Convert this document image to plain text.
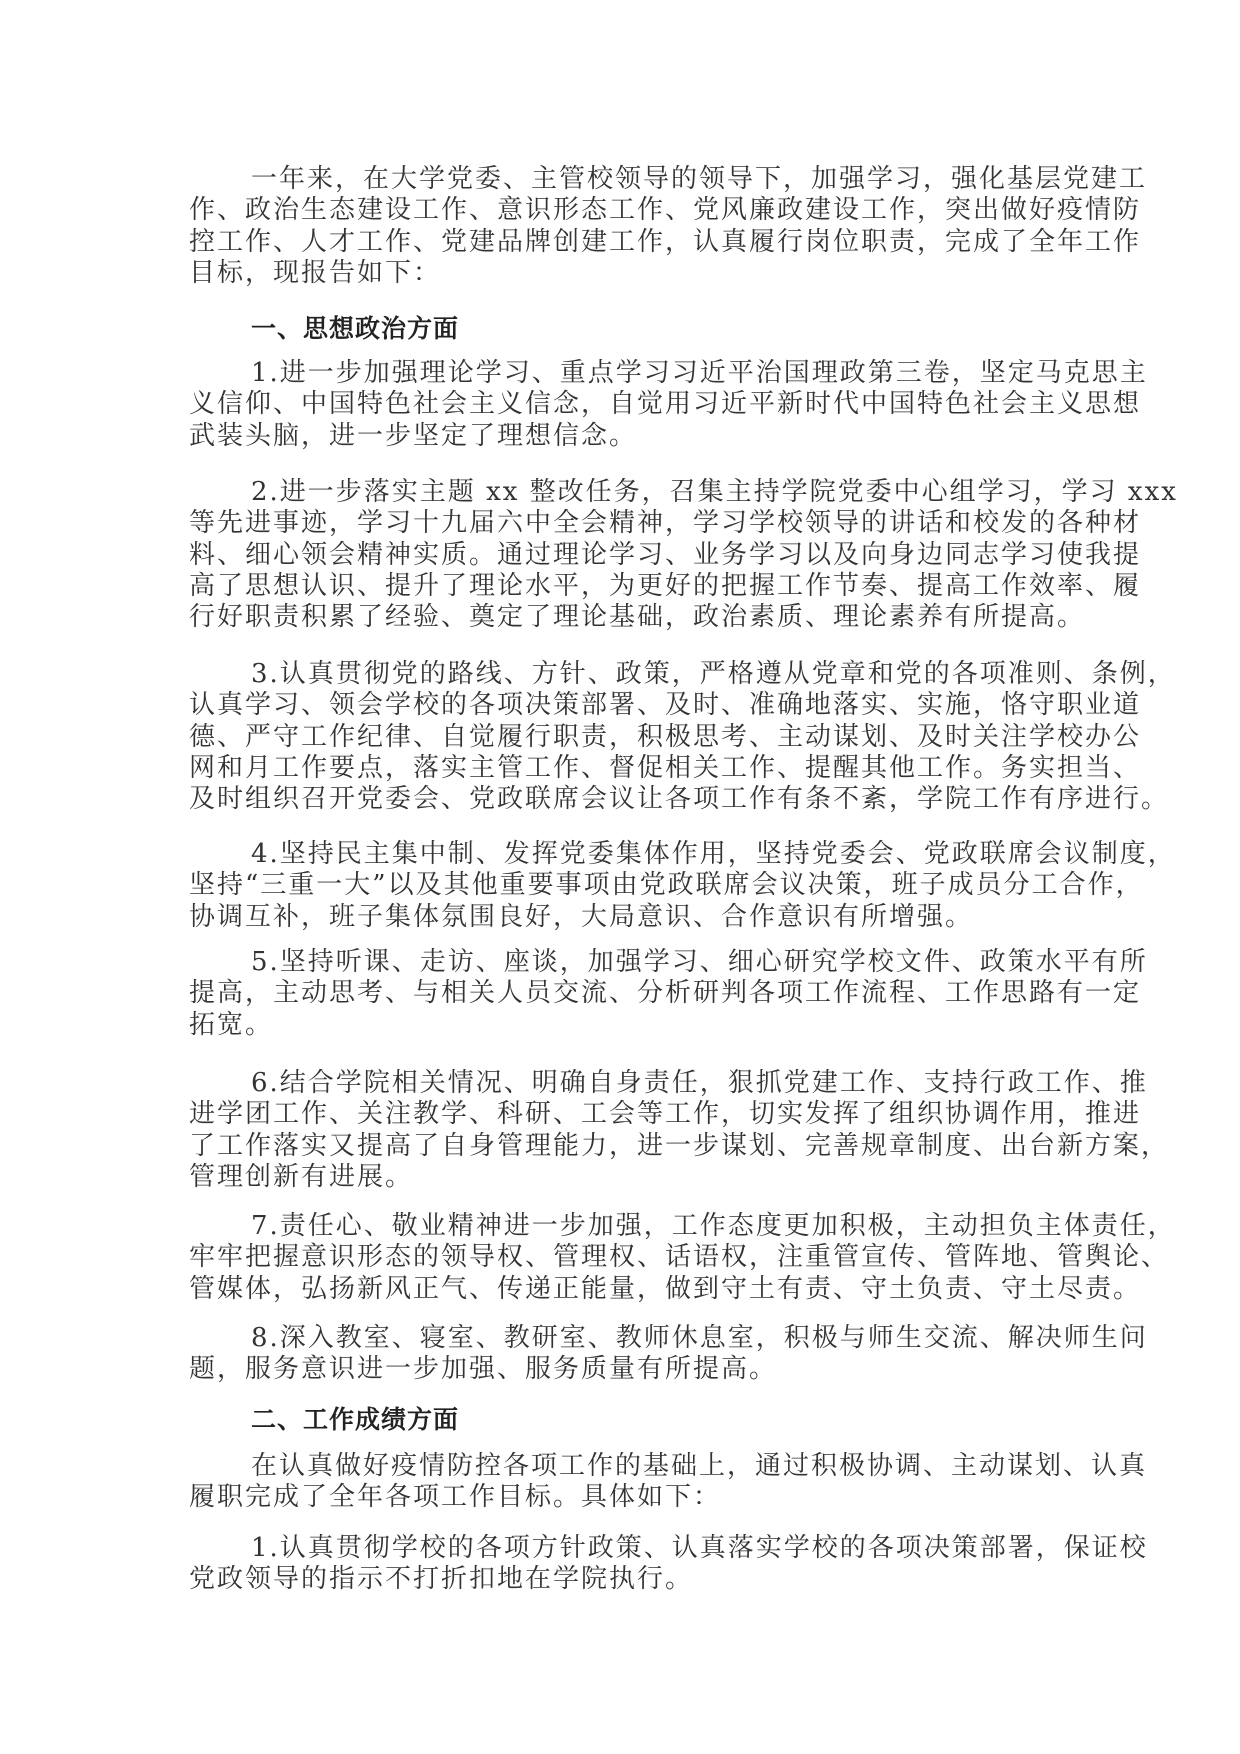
一年来，在大学党委、主管校领导的领导下，加强学习，强化基层党建工
作、政治生态建设工作、意识形态工作、党风廉政建设工作，突出做好疫情防
控工作、人才工作、党建品牌创建工作，认真履行岗位职责，完成了全年工作
目标，现报告如下：
一、思想政治方面
1.进一步加强理论学习、重点学习习近平治国理政第三卷，坚定马克思主
义信仰、中国特色社会主义信念，自觉用习近平新时代中国特色社会主义思想
武装头脑，进一步坚定了理想信念。
2.进一步落实主题 xx 整改任务，召集主持学院党委中心组学习，学习 xxx
等先进事迹，学习十九届六中全会精神，学习学校领导的讲话和校发的各种材
料、细心领会精神实质。通过理论学习、业务学习以及向身边同志学习使我提
高了思想认识、提升了理论水平，为更好的把握工作节奏、提高工作效率、履
行好职责积累了经验、奠定了理论基础，政治素质、理论素养有所提高。
3.认真贯彻党的路线、方针、政策，严格遵从党章和党的各项准则、条例，
认真学习、领会学校的各项决策部署、及时、准确地落实、实施，恪守职业道
德、严守工作纪律、自觉履行职责，积极思考、主动谋划、及时关注学校办公
网和月工作要点，落实主管工作、督促相关工作、提醒其他工作。务实担当、
及时组织召开党委会、党政联席会议让各项工作有条不紊，学院工作有序进行。
4.坚持民主集中制、发挥党委集体作用，坚持党委会、党政联席会议制度，
坚持“三重一大”以及其他重要事项由党政联席会议决策，班子成员分工合作，
协调互补，班子集体氛围良好，大局意识、合作意识有所增强。
5.坚持听课、走访、座谈，加强学习、细心研究学校文件、政策水平有所
提高，主动思考、与相关人员交流、分析研判各项工作流程、工作思路有一定
拓宽。
6.结合学院相关情况、明确自身责任，狠抓党建工作、支持行政工作、推
进学团工作、关注教学、科研、工会等工作，切实发挥了组织协调作用，推进
了工作落实又提高了自身管理能力，进一步谋划、完善规章制度、出台新方案，
管理创新有进展。
7.责任心、敬业精神进一步加强，工作态度更加积极，主动担负主体责任，
牢牢把握意识形态的领导权、管理权、话语权，注重管宣传、管阵地、管舆论、
管媒体，弘扬新风正气、传递正能量，做到守土有责、守土负责、守土尽责。
8.深入教室、寝室、教研室、教师休息室，积极与师生交流、解决师生问
题，服务意识进一步加强、服务质量有所提高。
二、工作成绩方面
在认真做好疫情防控各项工作的基础上，通过积极协调、主动谋划、认真
履职完成了全年各项工作目标。具体如下：
1.认真贯彻学校的各项方针政策、认真落实学校的各项决策部署，保证校
党政领导的指示不打折扣地在学院执行。
